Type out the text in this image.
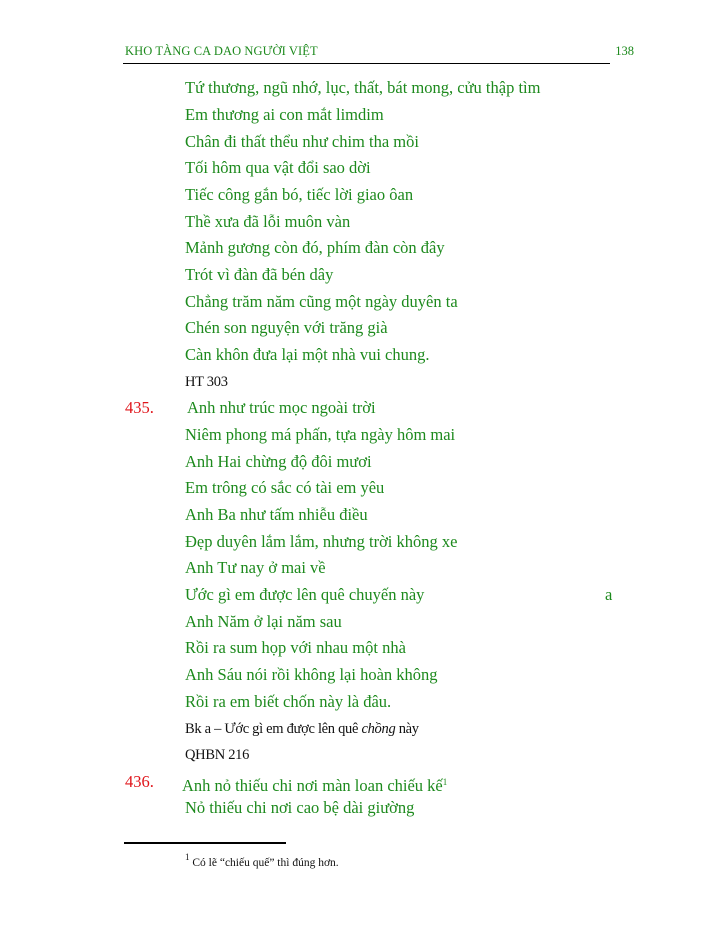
KHO TÀNG CA DAO NGƯỜI VIỆT	138
Tứ thương, ngũ nhớ, lục, thất, bát mong, cửu thập tìm
Em thương ai con mắt limdim
Chân đi thất thểu như chim tha mồi
Tối hôm qua vật đổi sao dời
Tiếc công gắn bó, tiếc lời giao ôan
Thề xưa đã lỗi muôn vàn
Mảnh gương còn đó, phím đàn còn đây
Trót vì đàn đã bén dây
Chẳng trăm năm cũng một ngày duyên ta
Chén son nguyện với trăng già
Càn khôn đưa lại một nhà vui chung.
HT 303
435. Anh như trúc mọc ngoài trời
Niêm phong má phấn, tựa ngày hôm mai
Anh Hai chừng độ đôi mươi
Em trông có sắc có tài em yêu
Anh Ba như tấm nhiễu điều
Đẹp duyên lắm lắm, nhưng trời không xe
Anh Tư nay ở mai về
Ước gì em được lên quê chuyến này	a
Anh Năm ở lại năm sau
Rồi ra sum họp với nhau một nhà
Anh Sáu nói rồi không lại hoàn không
Rồi ra em biết chốn này là đâu.
Bk a – Ước gì em được lên quê chồng này
QHBN 216
436. Anh nỏ thiếu chi nơi màn loan chiếu kế$^1$
Nỏ thiếu chi nơi cao bệ dài giường
$^1$ Có lẽ “chiếu quế” thì đúng hơn.
